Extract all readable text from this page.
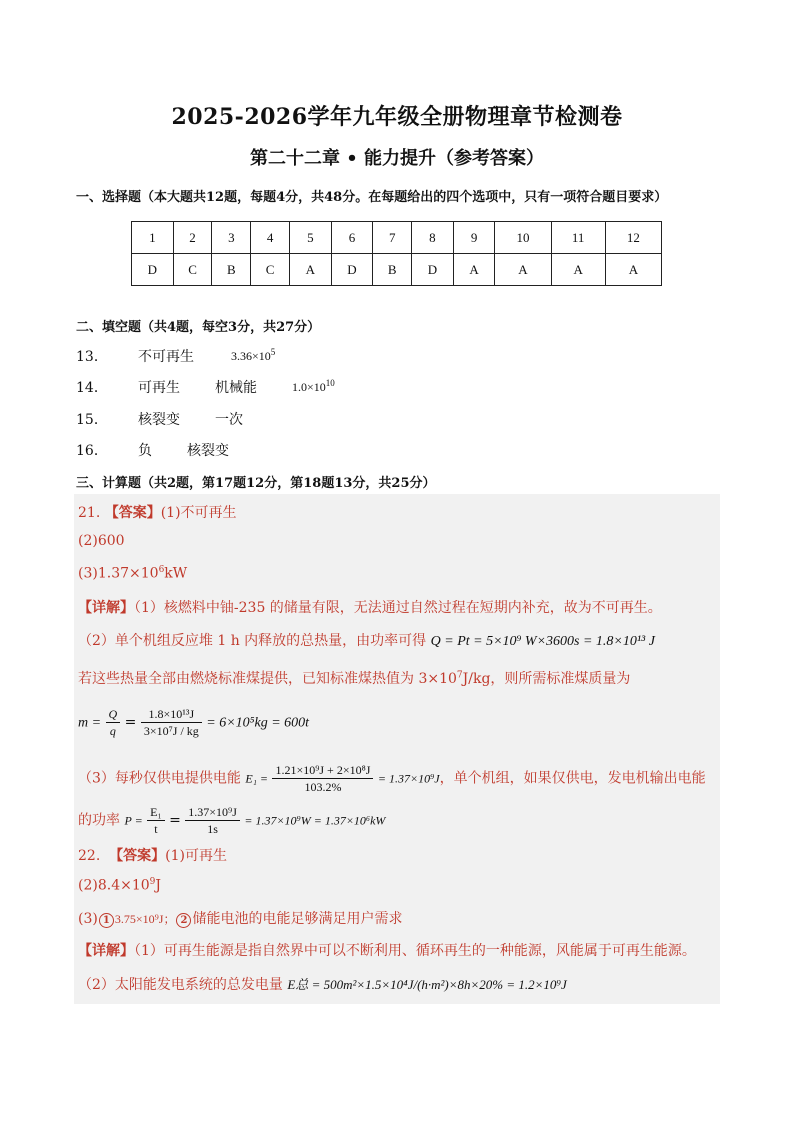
2025-2026学年九年级全册物理章节检测卷
第二十二章 • 能力提升（参考答案）
一、选择题（本大题共12题，每题4分，共48分。在每题给出的四个选项中，只有一项符合题目要求）
1	2	3	4	5	6	7	8	9	10	11	12
D	C	B	C	A	D	B	D	A	A	A	A
二、填空题（共4题，每空3分，共27分）
13． 不可再生	$3.36\times 10^5$
14． 可再生	机械能	$1.0\times 10^{10}$
15． 核裂变	一次
16． 负	核裂变
三、计算题（共2题，第17题12分，第18题13分，共25分）
21. 【答案】(1)不可再生
(2)600
$(3)1.37\times 10^6kW$
【详解】（1）核燃料中铀-235 的储量有限，无法通过自然过程在短期内补充，故为不可再生。
（2）单个机组反应堆 1 h 内释放的总热量，由功率可得 Q = Pt = 5×10⁹ W×3600s = 1.8×10¹³ J
若这些热量全部由燃烧标准煤提供，已知标准煤热值为 $3\times 10^7J/kg$，则所需标准煤质量为
$m = \frac{Q}{q} = \frac{\text{1.8×10¹³J}}{\text{3×10⁷J / kg}} = 6\times 10^5kg = 600t$
（3）每秒仅供电提供电能 $E_1 = \frac{\text{1.21×10⁹J + 2×10⁸J}}{103.2\%} = 1.37\times 10^9J$，单个机组，如果仅供电，发电机输出电能
的功率 $P = \frac{\text{E₁}}{t} = \frac{\text{1.37×10⁹J}}{1s} = 1.37\times 10^9W = 1.37\times 10^6kW$
22. 【答案】(1)可再生
$(2)8.4\times 10^9J$
(3) 1 3.75×10⁹J； 2 储能电池的电能足够满足用户需求
【详解】（1）可再生能源是指自然界中可以不断利用、循环再生的一种能源，风能属于可再生能源。
（2）太阳能发电系统的总发电量 E总 = 500m²×1.5×10⁴J/(h·m²)×8h×20% = 1.2×10⁹J
